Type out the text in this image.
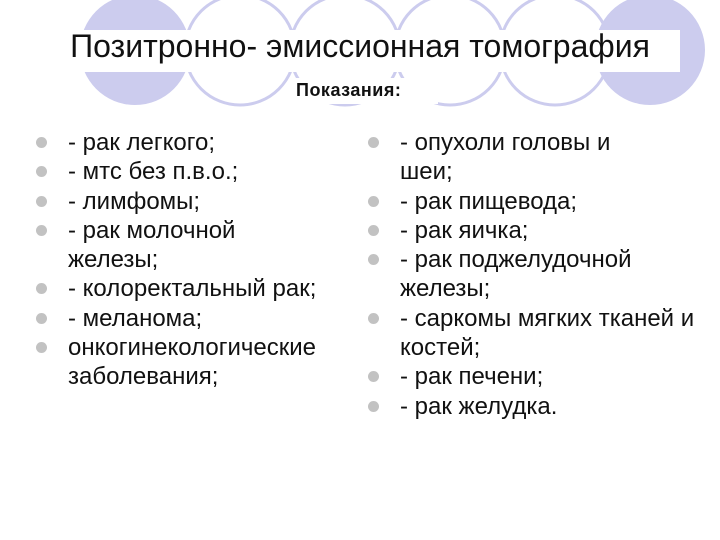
Позитронно- эмиссионная томография
Показания:
- рак легкого;
- мтс без п.в.о.;
- лимфомы;
- рак молочной железы;
- колоректальный рак;
- меланома;
онкогинекологические заболевания;
- опухоли головы и шеи;
- рак пищевода;
- рак яичка;
- рак поджелудочной железы;
- саркомы мягких тканей и костей;
- рак печени;
- рак желудка.
